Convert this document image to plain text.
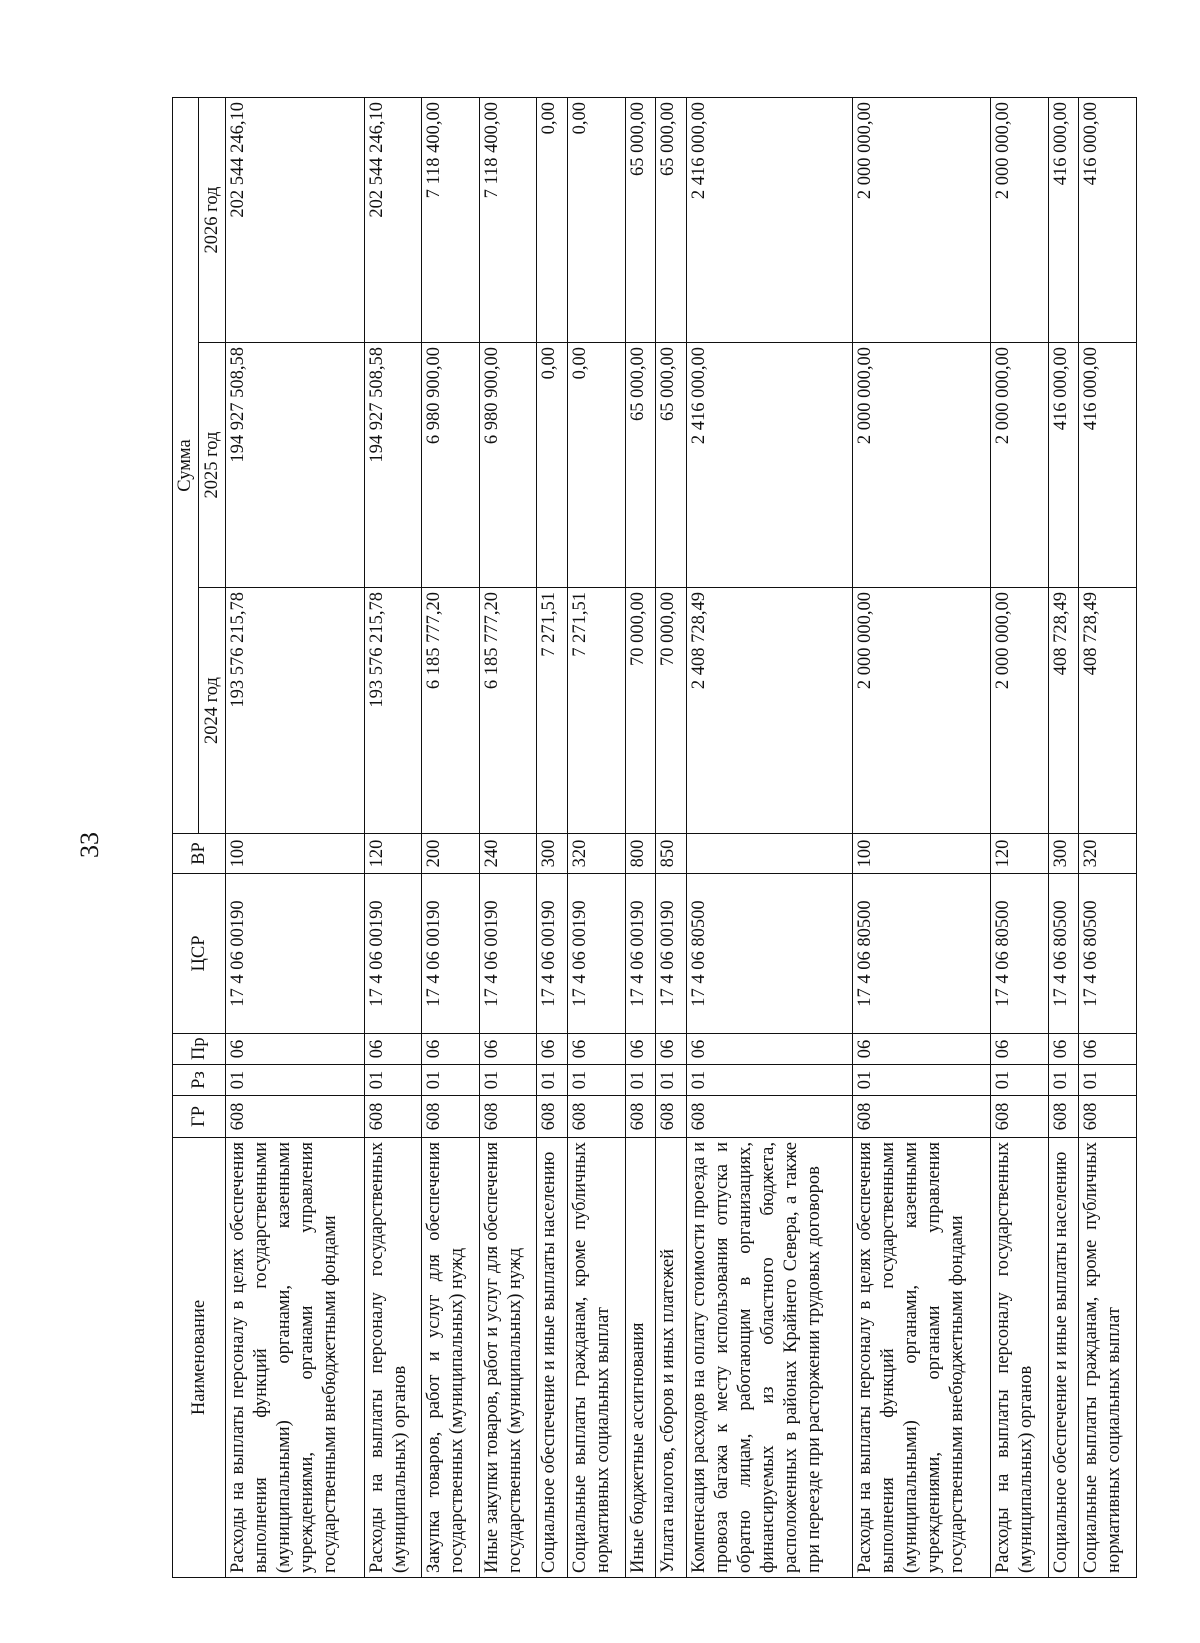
33
Наименование	ГР	Рз	Пр	ЦСР	ВР	Сумма		
						2024 год	2025 год	2026 год
Расходы на выплаты персоналу в целях обеспечения выполнения функций государственными (муниципальными) органами, казенными учреждениями, органами управления государственными внебюджетными фондами	608	01	06	17 4 06 00190	100	193 576 215,78	194 927 508,58	202 544 246,10
Расходы на выплаты персоналу государственных (муниципальных) органов	608	01	06	17 4 06 00190	120	193 576 215,78	194 927 508,58	202 544 246,10
Закупка товаров, работ и услуг для обеспечения государственных (муниципальных) нужд	608	01	06	17 4 06 00190	200	6 185 777,20	6 980 900,00	7 118 400,00
Иные закупки товаров, работ и услуг для обеспечения государственных (муниципальных) нужд	608	01	06	17 4 06 00190	240	6 185 777,20	6 980 900,00	7 118 400,00
Социальное обеспечение и иные выплаты населению	608	01	06	17 4 06 00190	300	7 271,51	0,00	0,00
Социальные выплаты гражданам, кроме публичных нормативных социальных выплат	608	01	06	17 4 06 00190	320	7 271,51	0,00	0,00
Иные бюджетные ассигнования	608	01	06	17 4 06 00190	800	70 000,00	65 000,00	65 000,00
Уплата налогов, сборов и иных платежей	608	01	06	17 4 06 00190	850	70 000,00	65 000,00	65 000,00
Компенсация расходов на оплату стоимости проезда и провоза багажа к месту использования отпуска и обратно лицам, работающим в организациях, финансируемых из областного бюджета, расположенных в районах Крайнего Севера, а также при переезде при расторжении трудовых договоров	608	01	06	17 4 06 80500		2 408 728,49	2 416 000,00	2 416 000,00
Расходы на выплаты персоналу в целях обеспечения выполнения функций государственными (муниципальными) органами, казенными учреждениями, органами управления государственными внебюджетными фондами	608	01	06	17 4 06 80500	100	2 000 000,00	2 000 000,00	2 000 000,00
Расходы на выплаты персоналу государственных (муниципальных) органов	608	01	06	17 4 06 80500	120	2 000 000,00	2 000 000,00	2 000 000,00
Социальное обеспечение и иные выплаты населению	608	01	06	17 4 06 80500	300	408 728,49	416 000,00	416 000,00
Социальные выплаты гражданам, кроме публичных нормативных социальных выплат	608	01	06	17 4 06 80500	320	408 728,49	416 000,00	416 000,00
